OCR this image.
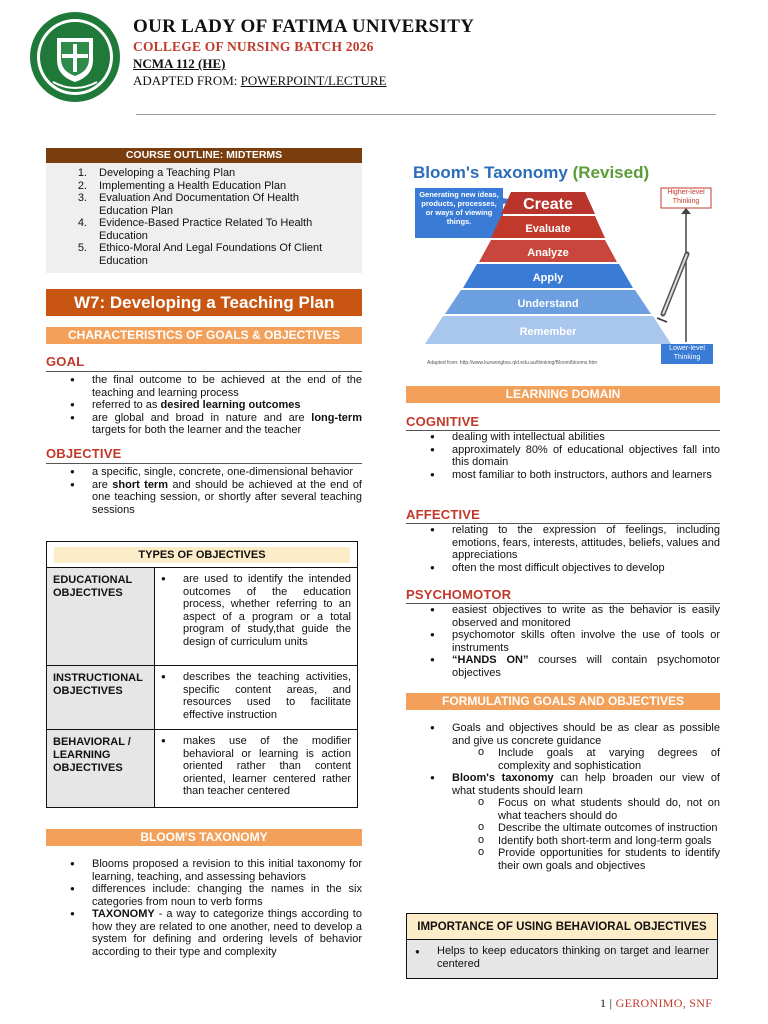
OUR LADY OF FATIMA UNIVERSITY
COLLEGE OF NURSING BATCH 2026
NCMA 112 (HE)
ADAPTED FROM: POWERPOINT/LECTURE
COURSE OUTLINE: MIDTERMS
1.	Developing a Teaching Plan
2.	Implementing a Health Education Plan
3.	Evaluation And Documentation Of Health Education Plan
4.	Evidence-Based Practice Related To Health Education
5.	Ethico-Moral And Legal Foundations Of Client Education
W7: Developing a Teaching Plan
CHARACTERISTICS OF GOALS & OBJECTIVES
GOAL
● the final outcome to be achieved at the end of the teaching and learning process
● referred to as desired learning outcomes
● are global and broad in nature and are long-term targets for both the learner and the teacher
OBJECTIVE
● a specific, single, concrete, one-dimensional behavior
● are short term and should be achieved at the end of one teaching session, or shortly after several teaching sessions
TYPES OF OBJECTIVES
EDUCATIONAL OBJECTIVES
● are used to identify the intended outcomes of the education process, whether referring to an aspect of a program or a total program of study,that guide the design of curriculum units
INSTRUCTIONAL OBJECTIVES
● describes the teaching activities, specific content areas, and resources used to facilitate effective instruction
BEHAVIORAL / LEARNING OBJECTIVES
● makes use of the modifier behavioral or learning is action oriented rather than content oriented, learner centered rather than teacher centered
BLOOM'S TAXONOMY
● Blooms proposed a revision to this initial taxonomy for learning, teaching, and assessing behaviors
● differences include: changing the names in the six categories from noun to verb forms
● TAXONOMY - a way to categorize things according to how they are related to one another, need to develop a system for defining and ordering levels of behavior according to their type and complexity
Bloom's Taxonomy (Revised)
Generating new ideas, products, processes, or ways of viewing things.
Create
Evaluate
Analyze
Apply
Understand
Remember
Higher-level Thinking
Lower-level Thinking
Adapted from: http://www.kurwongbss.qld.edu.au/thinking/Bloom/blooms.htm
LEARNING DOMAIN
COGNITIVE
● dealing with intellectual abilities
● approximately 80% of educational objectives fall into this domain
● most familiar to both instructors, authors and learners
AFFECTIVE
● relating to the expression of feelings, including emotions, fears, interests, attitudes, beliefs, values and appreciations
● often the most difficult objectives to develop
PSYCHOMOTOR
● easiest objectives to write as the behavior is easily observed and monitored
● psychomotor skills often involve the use of tools or instruments
● “HANDS ON” courses will contain psychomotor objectives
FORMULATING GOALS AND OBJECTIVES
● Goals and objectives should be as clear as possible and give us concrete guidance
o Include goals at varying degrees of complexity and sophistication
● Bloom's taxonomy can help broaden our view of what students should learn
o Focus on what students should do, not on what teachers should do
o Describe the ultimate outcomes of instruction
o Identify both short-term and long-term goals
o Provide opportunities for students to identify their own goals and objectives
IMPORTANCE OF USING BEHAVIORAL OBJECTIVES
● Helps to keep educators thinking on target and learner centered
1 | GERONIMO, SNF
